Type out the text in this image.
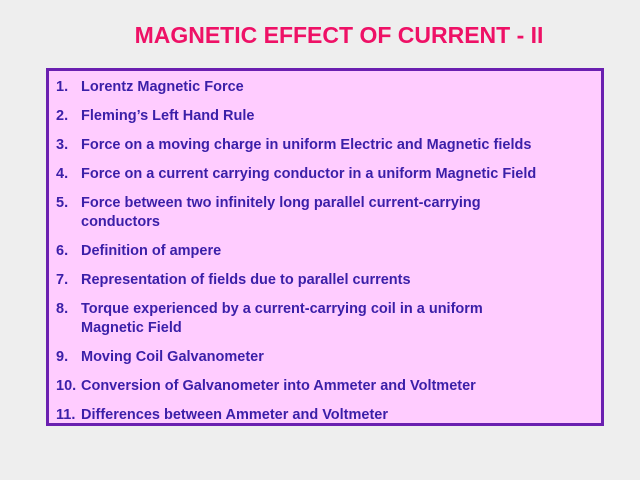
MAGNETIC EFFECT OF CURRENT - II
1. Lorentz Magnetic Force
2. Fleming’s Left Hand Rule
3. Force on a moving charge in uniform Electric and Magnetic fields
4. Force on a current carrying conductor in a uniform Magnetic Field
5. Force between two infinitely long parallel current-carrying
conductors
6. Definition of ampere
7. Representation of fields due to parallel currents
8. Torque experienced by a current-carrying coil in a uniform
Magnetic Field
9. Moving Coil Galvanometer
10. Conversion of Galvanometer into Ammeter and Voltmeter
11. Differences between Ammeter and Voltmeter
